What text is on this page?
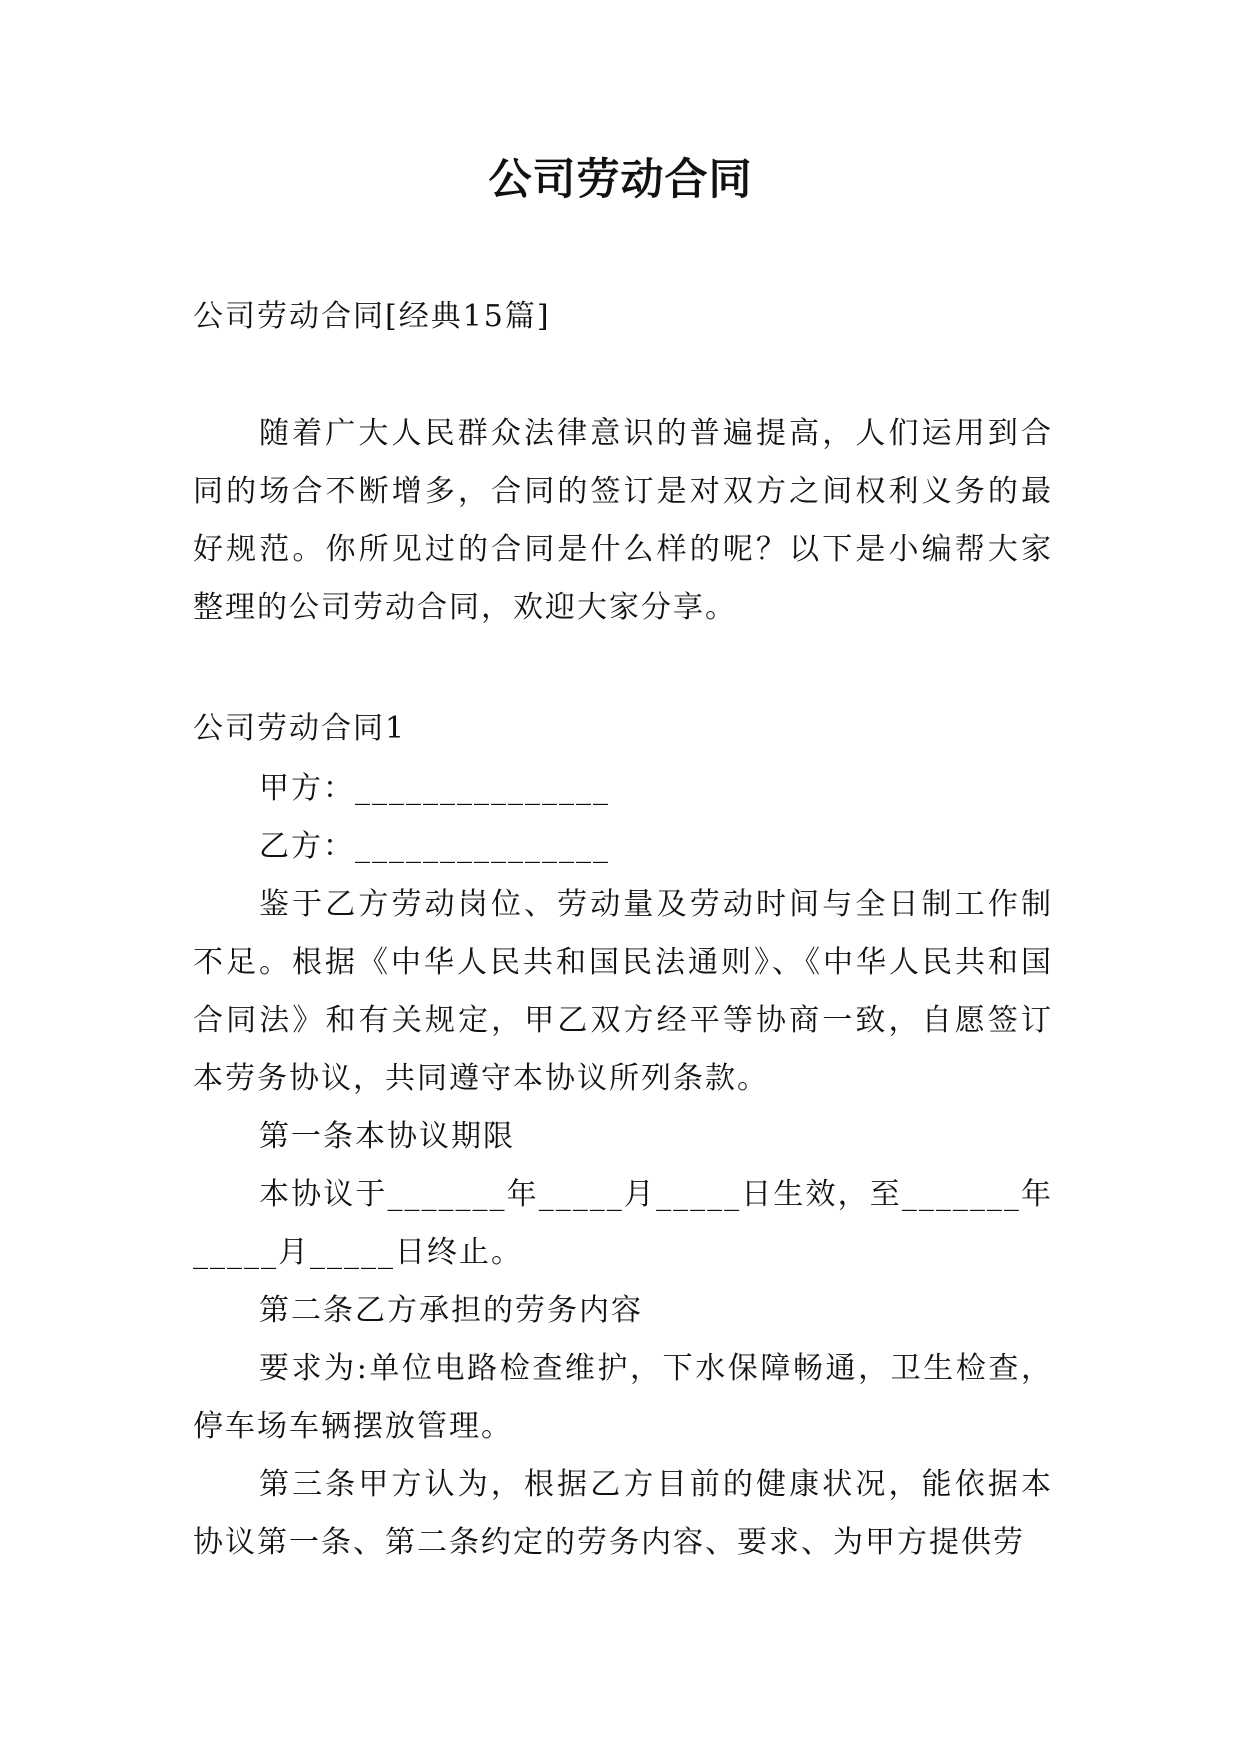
公司劳动合同

公司劳动合同[经典15篇]

随着广大人民群众法律意识的普遍提高，人们运用到合同的场合不断增多，合同的签订是对双方之间权利义务的最好规范。你所见过的合同是什么样的呢？以下是小编帮大家整理的公司劳动合同，欢迎大家分享。

公司劳动合同1

甲方：_______________

乙方：_______________

鉴于乙方劳动岗位、劳动量及劳动时间与全日制工作制不足。根据《中华人民共和国民法通则》、《中华人民共和国合同法》和有关规定，甲乙双方经平等协商一致，自愿签订本劳务协议，共同遵守本协议所列条款。

第一条本协议期限

本协议于_______年_____月_____日生效，至_______年_____月_____日终止。

第二条乙方承担的劳务内容

要求为:单位电路检查维护，下水保障畅通，卫生检查，停车场车辆摆放管理。

第三条甲方认为，根据乙方目前的健康状况，能依据本协议第一条、第二条约定的劳务内容、要求、为甲方提供劳
